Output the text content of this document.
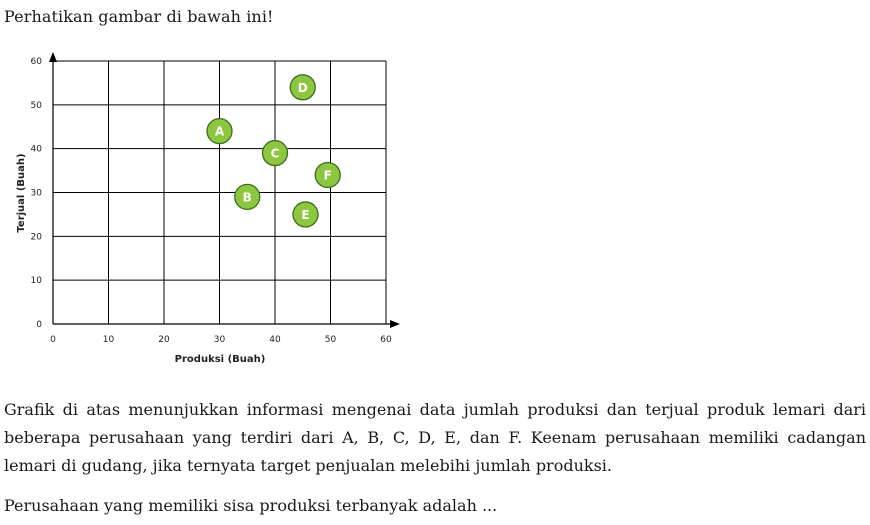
Perhatikan gambar di bawah ini!

0	10	20	30	40	50	60
0
10
20
30
40
50
60
Produksi (Buah)
Terjual (Buah)
A
B
C
D
E
F

Grafik di atas menunjukkan informasi mengenai data jumlah produksi dan terjual produk lemari dari beberapa perusahaan yang terdiri dari A, B, C, D, E, dan F. Keenam perusahaan memiliki cadangan lemari di gudang, jika ternyata target penjualan melebihi jumlah produksi.

Perusahaan yang memiliki sisa produksi terbanyak adalah ...
